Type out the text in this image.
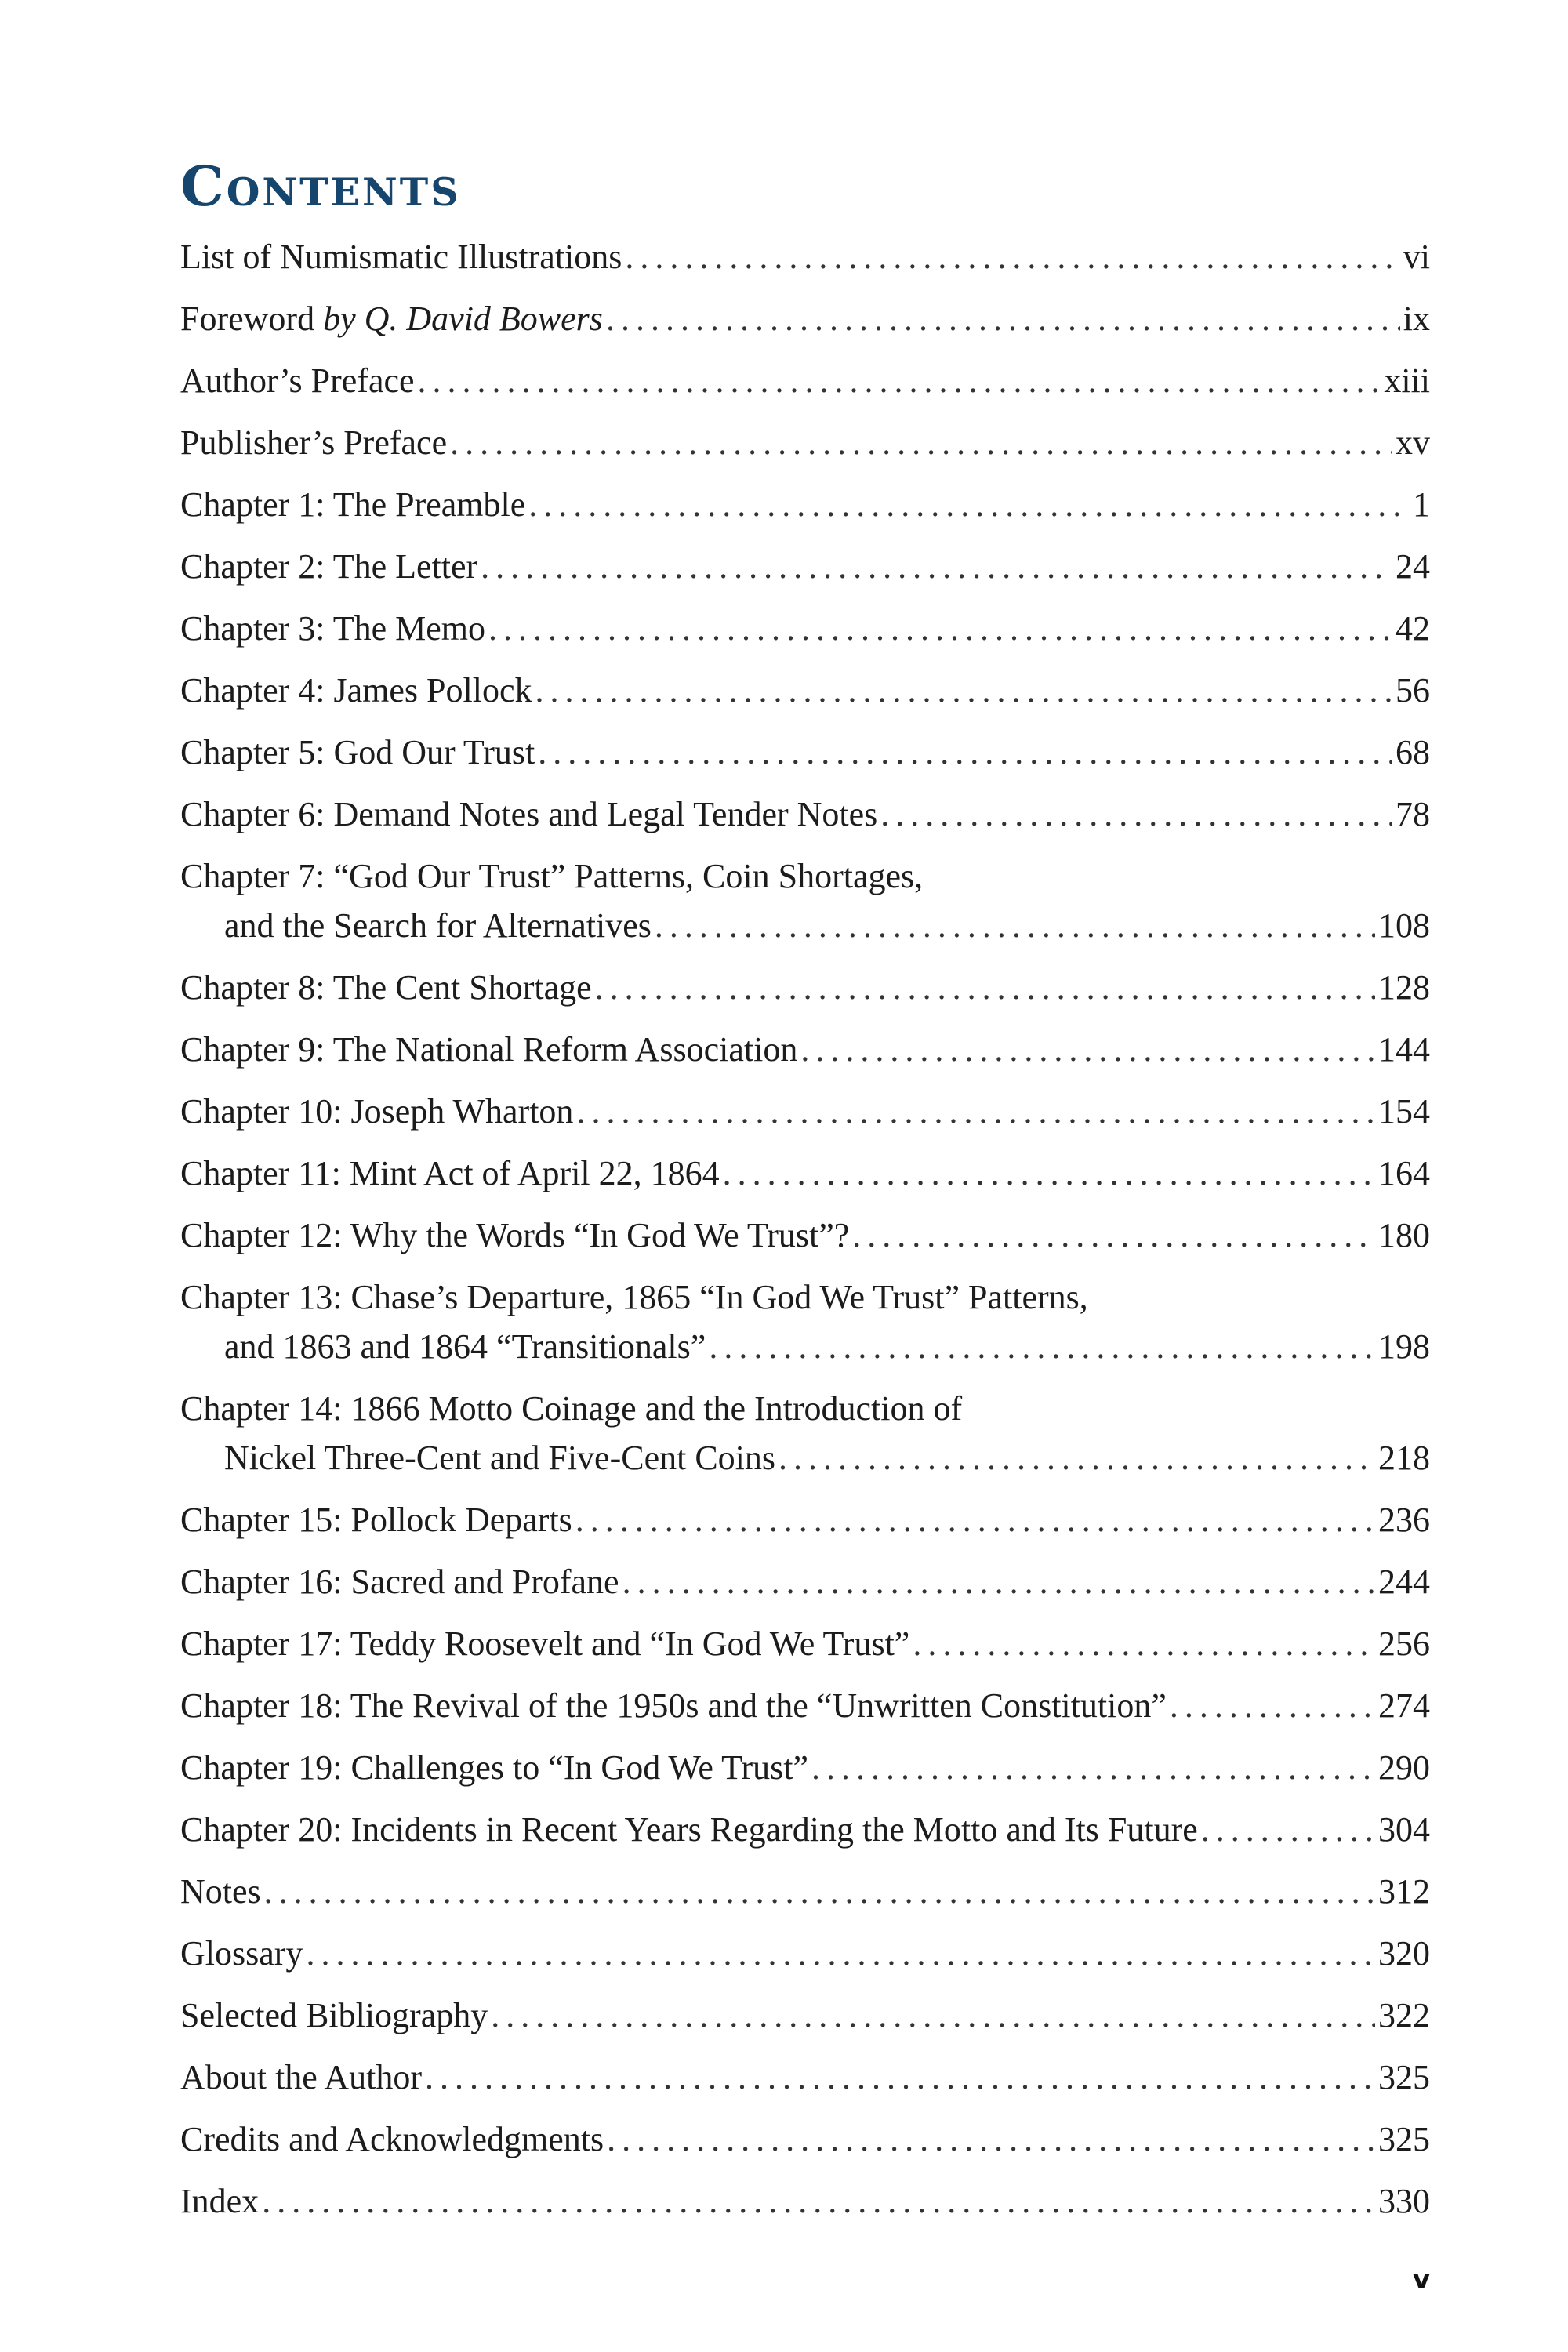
Contents
List of Numismatic Illustrations .....	vi
Foreword by Q. David Bowers .....	ix
Author’s Preface .....	xiii
Publisher’s Preface .....	xv
Chapter 1: The Preamble .....	1
Chapter 2: The Letter .....	24
Chapter 3: The Memo .....	42
Chapter 4: James Pollock .....	56
Chapter 5: God Our Trust .....	68
Chapter 6: Demand Notes and Legal Tender Notes .....	78
Chapter 7: “God Our Trust” Patterns, Coin Shortages,
and the Search for Alternatives .....	108
Chapter 8: The Cent Shortage .....	128
Chapter 9: The National Reform Association .....	144
Chapter 10: Joseph Wharton .....	154
Chapter 11: Mint Act of April 22, 1864 .....	164
Chapter 12: Why the Words “In God We Trust”? .....	180
Chapter 13: Chase’s Departure, 1865 “In God We Trust” Patterns,
and 1863 and 1864 “Transitionals” .....	198
Chapter 14: 1866 Motto Coinage and the Introduction of
Nickel Three-Cent and Five-Cent Coins .....	218
Chapter 15: Pollock Departs .....	236
Chapter 16: Sacred and Profane .....	244
Chapter 17: Teddy Roosevelt and “In God We Trust” .....	256
Chapter 18: The Revival of the 1950s and the “Unwritten Constitution” .....	274
Chapter 19: Challenges to “In God We Trust” .....	290
Chapter 20: Incidents in Recent Years Regarding the Motto and Its Future .....	304
Notes .....	312
Glossary .....	320
Selected Bibliography .....	322
About the Author .....	325
Credits and Acknowledgments .....	325
Index .....	330
v
